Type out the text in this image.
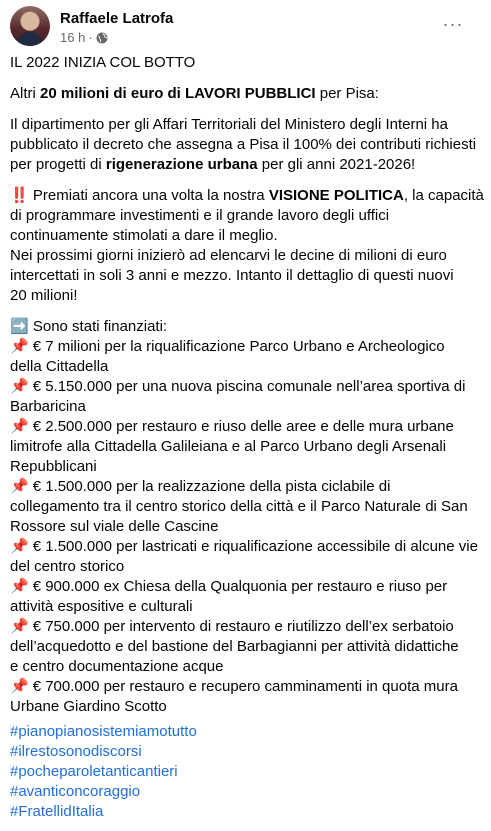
Raffaele Latrofa
16 h ·
···

IL 2022 INIZIA COL BOTTO

Altri 20 milioni di euro di LAVORI PUBBLICI per Pisa:

Il dipartimento per gli Affari Territoriali del Ministero degli Interni ha
pubblicato il decreto che assegna a Pisa il 100% dei contributi richiesti
per progetti di rigenerazione urbana per gli anni 2021-2026!

‼️ Premiati ancora una volta la nostra VISIONE POLITICA, la capacità
di programmare investimenti e il grande lavoro degli uffici
continuamente stimolati a dare il meglio.
Nei prossimi giorni inizierò ad elencarvi le decine di milioni di euro
intercettati in soli 3 anni e mezzo. Intanto il dettaglio di questi nuovi
20 milioni!

➡️ Sono stati finanziati:
📌 € 7 milioni per la riqualificazione Parco Urbano e Archeologico
della Cittadella
📌 € 5.150.000 per una nuova piscina comunale nell’area sportiva di
Barbaricina
📌 € 2.500.000 per restauro e riuso delle aree e delle mura urbane
limitrofe alla Cittadella Galileiana e al Parco Urbano degli Arsenali
Repubblicani
📌 € 1.500.000 per la realizzazione della pista ciclabile di
collegamento tra il centro storico della città e il Parco Naturale di San
Rossore sul viale delle Cascine
📌 € 1.500.000 per lastricati e riqualificazione accessibile di alcune vie
del centro storico
📌 € 900.000 ex Chiesa della Qualquonia per restauro e riuso per
attività espositive e culturali
📌 € 750.000 per intervento di restauro e riutilizzo dell’ex serbatoio
dell’acquedotto e del bastione del Barbagianni per attività didattiche
e centro documentazione acque
📌 € 700.000 per restauro e recupero camminamenti in quota mura
Urbane Giardino Scotto

#pianopianosistemiamotutto
#ilrestosonodiscorsi
#pocheparoletanticantieri
#avanticoncoraggio
#FratellidItalia
